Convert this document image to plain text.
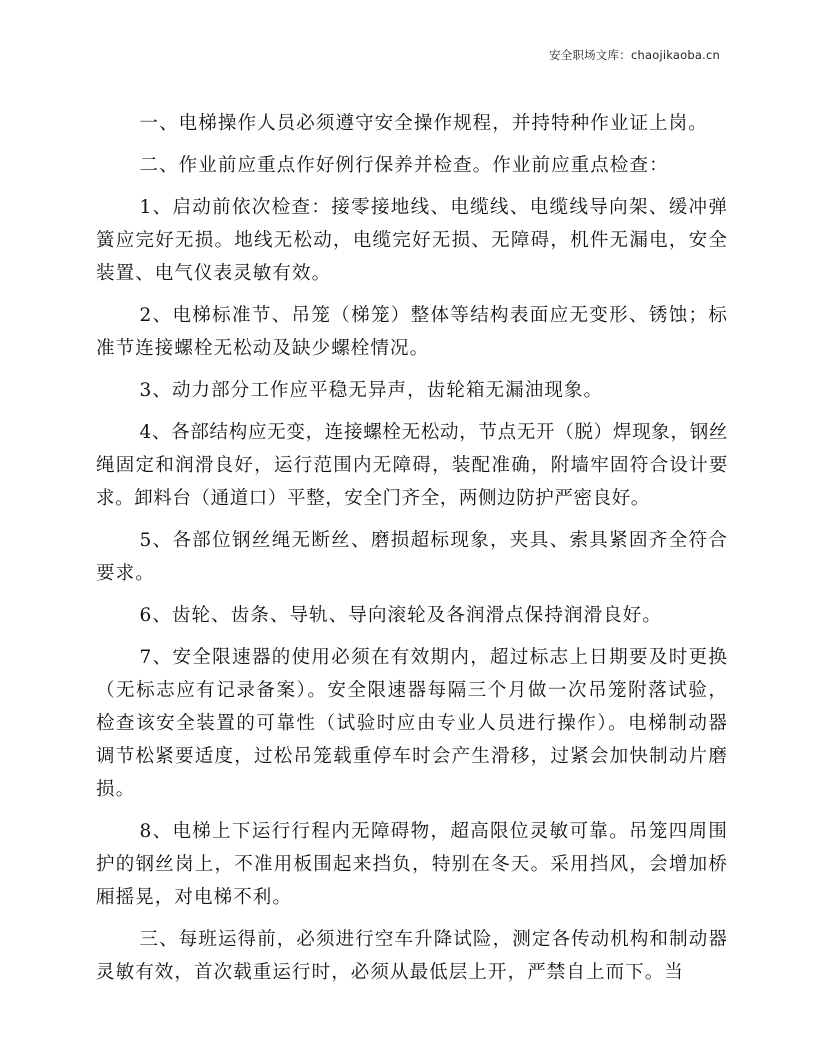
安全职场文库：chaojikaoba.cn

一、电梯操作人员必须遵守安全操作规程，并持特种作业证上岗。

二、作业前应重点作好例行保养并检查。作业前应重点检查：

1、启动前依次检查：接零接地线、电缆线、电缆线导向架、缓冲弹簧应完好无损。地线无松动，电缆完好无损、无障碍，机件无漏电，安全装置、电气仪表灵敏有效。

2、电梯标准节、吊笼（梯笼）整体等结构表面应无变形、锈蚀；标准节连接螺栓无松动及缺少螺栓情况。

3、动力部分工作应平稳无异声，齿轮箱无漏油现象。

4、各部结构应无变，连接螺栓无松动，节点无开（脱）焊现象，钢丝绳固定和润滑良好，运行范围内无障碍，装配准确，附墙牢固符合设计要求。卸料台（通道口）平整，安全门齐全，两侧边防护严密良好。

5、各部位钢丝绳无断丝、磨损超标现象，夹具、索具紧固齐全符合要求。

6、齿轮、齿条、导轨、导向滚轮及各润滑点保持润滑良好。

7、安全限速器的使用必须在有效期内，超过标志上日期要及时更换（无标志应有记录备案）。安全限速器每隔三个月做一次吊笼附落试验，检查该安全装置的可靠性（试验时应由专业人员进行操作）。电梯制动器调节松紧要适度，过松吊笼载重停车时会产生滑移，过紧会加快制动片磨损。

8、电梯上下运行行程内无障碍物，超高限位灵敏可靠。吊笼四周围护的钢丝岗上，不准用板围起来挡负，特别在冬天。采用挡风，会增加桥厢摇晃，对电梯不利。

三、每班运得前，必须进行空车升降试险，测定各传动机构和制动器灵敏有效，首次载重运行时，必须从最低层上开，严禁自上而下。当
